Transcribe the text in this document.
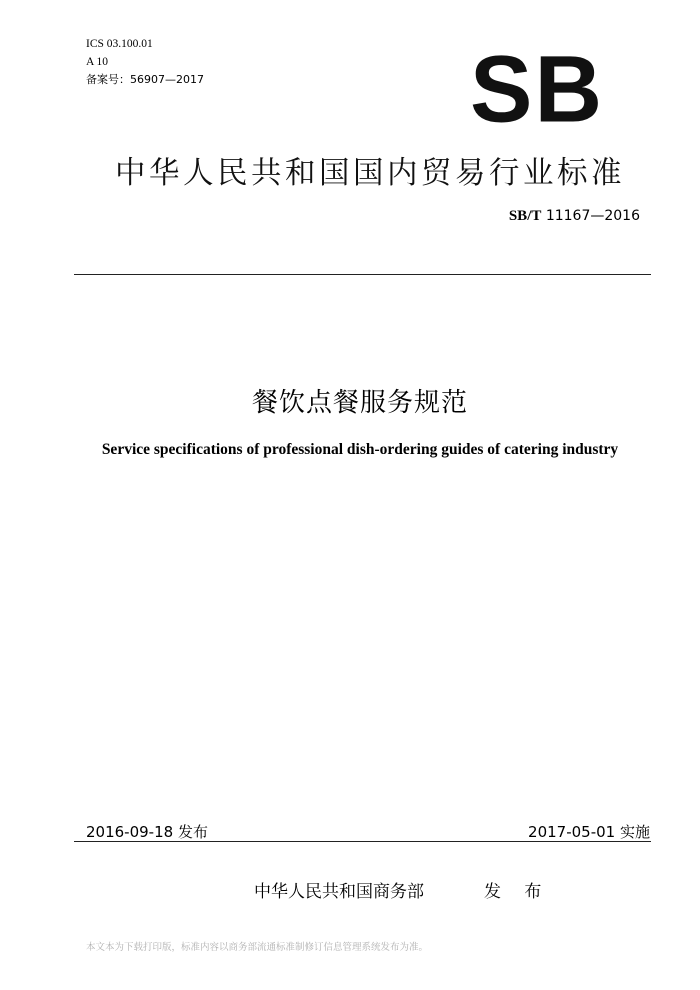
ICS 03.100.01
A 10
备案号：56907—2017	SB
中华人民共和国国内贸易行业标准
SB/T 11167—2016
餐饮点餐服务规范
Service specifications of professional dish-ordering guides of catering industry
2016-09-18 发布	2017-05-01 实施
中华人民共和国商务部	发 布
本文本为下载打印版，标准内容以商务部流通标准制修订信息管理系统发布为准。
